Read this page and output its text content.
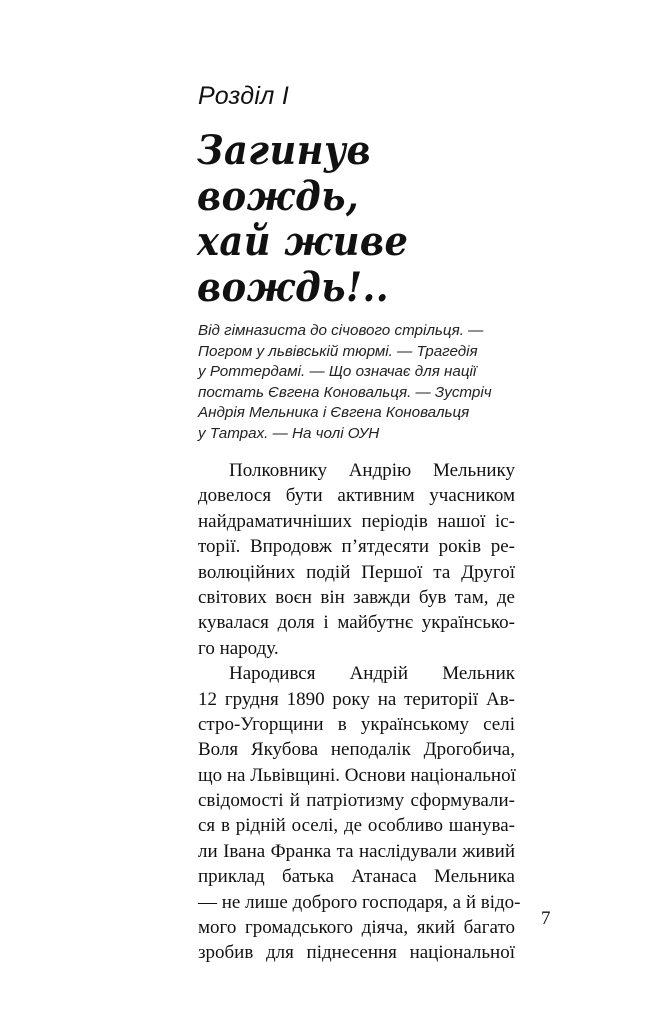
Розділ I
Загинув
вождь,
хай живе
вождь!..
Від гімназиста до січового стрільця. —
Погром у львівській тюрмі. — Трагедія
у Роттердамі. — Що означає для нації
постать Євгена Коновальця. — Зустріч
Андрія Мельника і Євгена Коновальця
у Татрах. — На чолі ОУН
Полковнику Андрію Мельнику
довелося бути активним учасником
найдраматичніших періодів нашої іс-
торії. Впродовж п’ятдесяти років ре-
волюційних подій Першої та Другої
світових воєн він завжди був там, де
кувалася доля і майбутнє українсько-
го народу.
Народився Андрій Мельник
12 грудня 1890 року на території Ав-
стро-Угорщини в українському селі
Воля Якубова неподалік Дрогобича,
що на Львівщині. Основи національної
свідомості й патріотизму сформували-
ся в рідній оселі, де особливо шанува-
ли Івана Франка та наслідували живий
приклад батька Атанаса Мельника
— не лише доброго господаря, а й відо-
мого громадського діяча, який багато
зробив для піднесення національної
7
